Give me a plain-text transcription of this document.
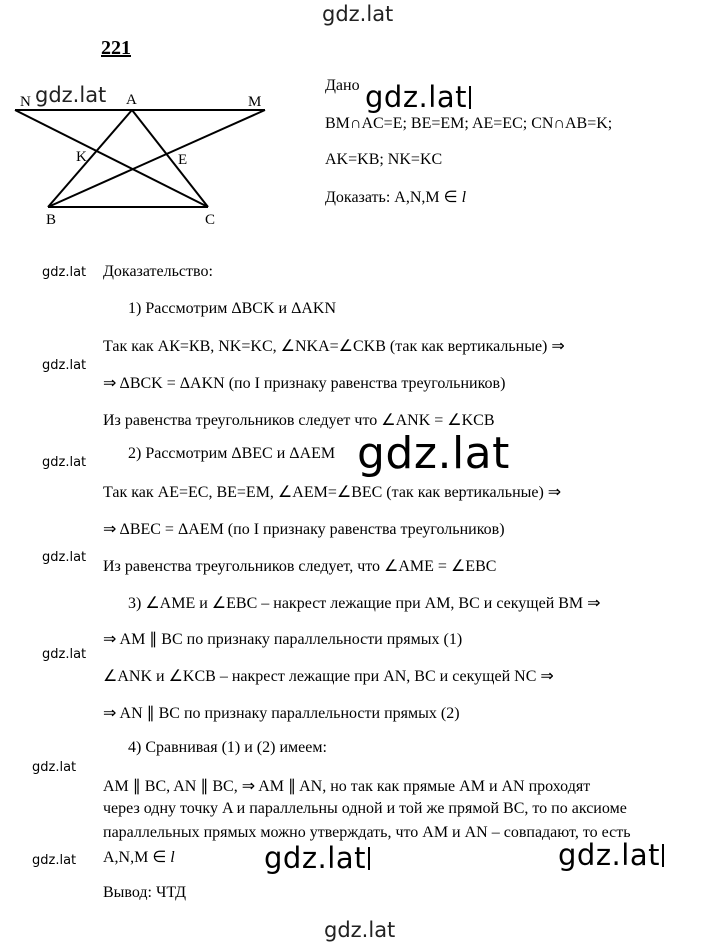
gdz.lat
gdz.lat
gdz.lat	gdz.lat
gdz.lat
gdz.lat	gdz.lat
gdz.lat
gdz.lat
gdz.lat
gdz.lat
gdz.lat
gdz.lat
gdz.lat
221
N	A	M
K	E
B	C
Дано
BM∩AC=E; BE=EM; AE=EC; CN∩AB=K;
AK=KB; NK=KC
Доказать: A,N,M ∈ l
Доказательство:
1) Рассмотрим ΔBCK и ΔAKN
Так как АК=КВ, NK=KC, ∠NKA=∠CKB (так как вертикальные) ⇒
⇒ ΔBCK = ΔAKN (по I признаку равенства треугольников)
Из равенства треугольников следует что ∠ANK = ∠KCB
2) Рассмотрим ΔBEC и ΔAEM
Так как AE=EC, BE=EM, ∠AEM=∠BEC (так как вертикальные) ⇒
⇒ ΔBEC = ΔAEM (по I признаку равенства треугольников)
Из равенства треугольников следует, что ∠AME = ∠EBC
3) ∠AME и ∠EBC – накрест лежащие при AM, BC и секущей BM ⇒
⇒ AM ∥ BC по признаку параллельности прямых (1)
∠ANK и ∠KCB – накрест лежащие при AN, BC и секущей NC ⇒
⇒ AN ∥ BC по признаку параллельности прямых (2)
4) Сравнивая (1) и (2) имеем:
AM ∥ BC, AN ∥ BC, ⇒ AM ∥ AN, но так как прямые AM и AN проходят
через одну точку A и параллельны одной и той же прямой BC, то по аксиоме
параллельных прямых можно утверждать, что AM и AN – совпадают, то есть
A,N,M ∈ l
Вывод: ЧТД
